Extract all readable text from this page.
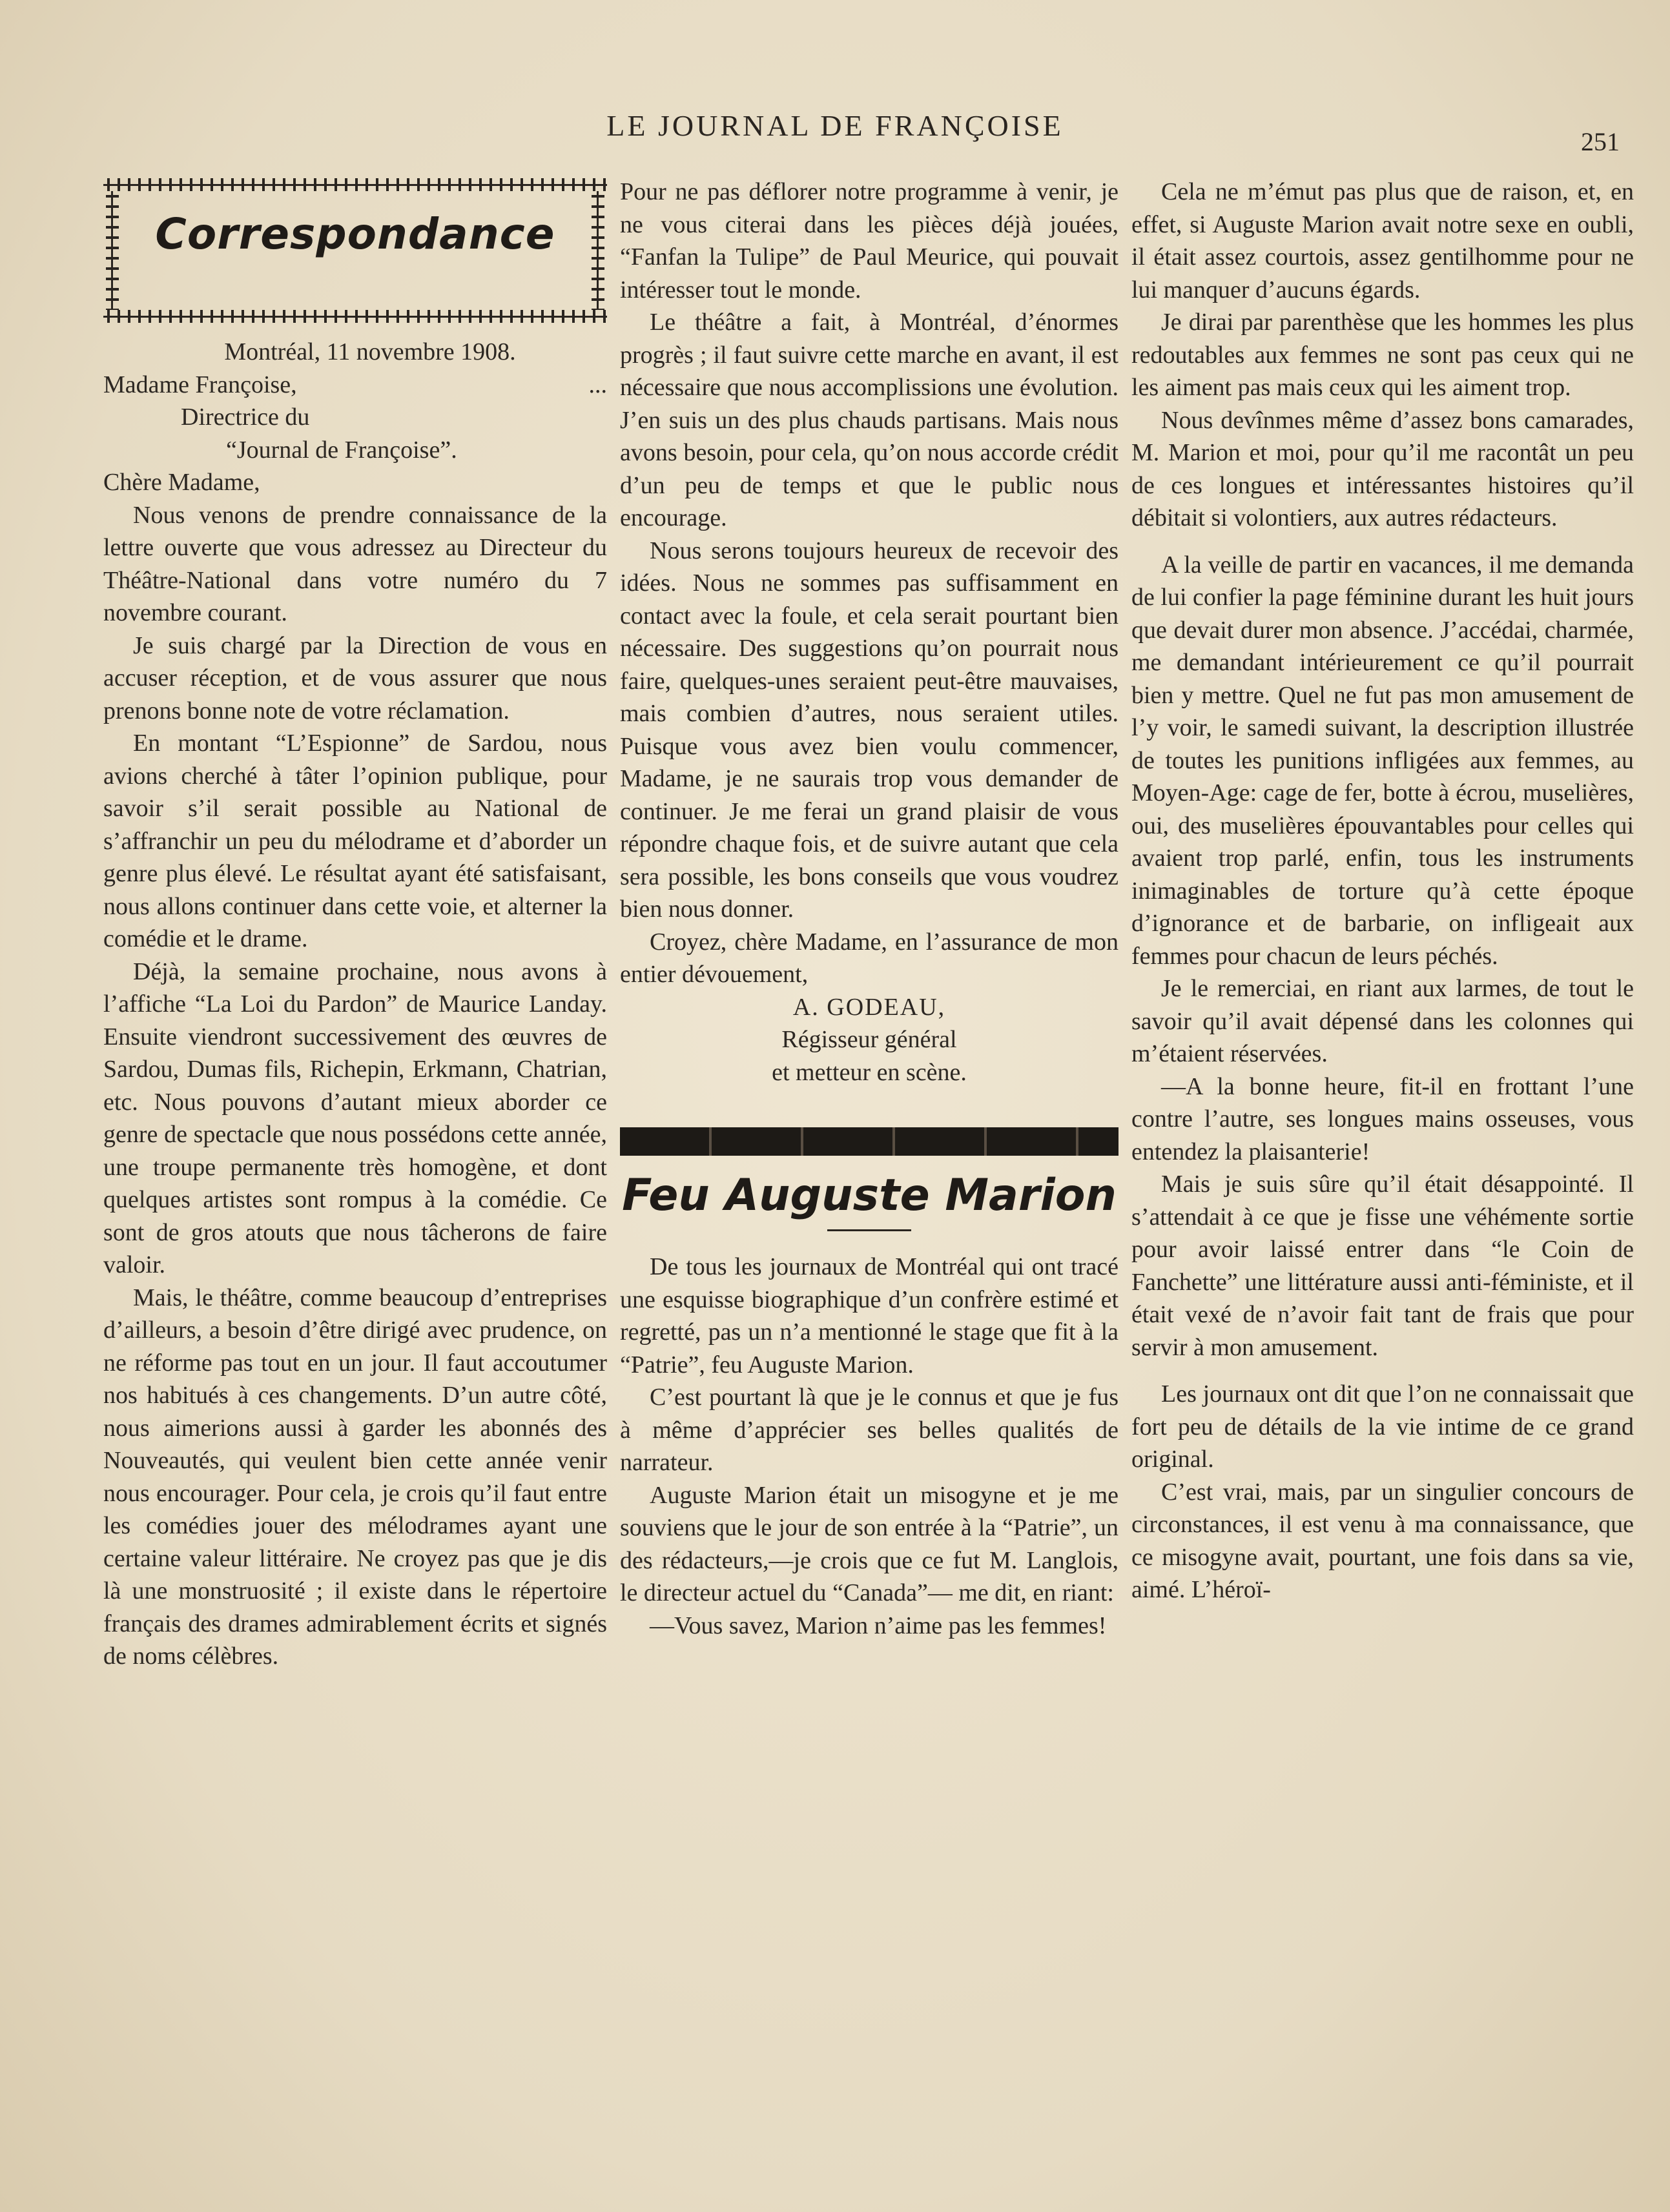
LE JOURNAL DE FRANÇOISE	251
Correspondance

Montréal, 11 novembre 1908.

Madame Françoise,	...

Directrice du

“Journal de Françoise”.

Chère Madame,

Nous venons de prendre connaissance de la lettre ouverte que vous adressez au Directeur du Théâtre-National dans votre numéro du 7 novembre courant.

Je suis chargé par la Direction de vous en accuser réception, et de vous assurer que nous prenons bonne note de votre réclamation.

En montant “L’Espionne” de Sardou, nous avions cherché à tâter l’opinion publique, pour savoir s’il serait possible au National de s’affranchir un peu du mélodrame et d’aborder un genre plus élevé. Le résultat ayant été satisfaisant, nous allons continuer dans cette voie, et alterner la comédie et le drame.

Déjà, la semaine prochaine, nous avons à l’affiche “La Loi du Pardon” de Maurice Landay. Ensuite viendront successivement des œuvres de Sardou, Dumas fils, Richepin, Erkmann, Chatrian, etc. Nous pouvons d’autant mieux aborder ce genre de spectacle que nous possédons cette année, une troupe permanente très homogène, et dont quelques artistes sont rompus à la comédie. Ce sont de gros atouts que nous tâcherons de faire valoir.

Mais, le théâtre, comme beaucoup d’entreprises d’ailleurs, a besoin d’être dirigé avec prudence, on ne réforme pas tout en un jour. Il faut accoutumer nos habitués à ces changements. D’un autre côté, nous aimerions aussi à garder les abonnés des Nouveautés, qui veulent bien cette année venir nous encourager. Pour cela, je crois qu’il faut entre les comédies jouer des mélodrames ayant une certaine valeur littéraire. Ne croyez pas que je dis là une monstruosité ; il existe dans le répertoire français des drames admirablement écrits et signés de noms célèbres.

Pour ne pas déflorer notre programme à venir, je ne vous citerai dans les pièces déjà jouées, “Fanfan la Tulipe” de Paul Meurice, qui pouvait intéresser tout le monde.

Le théâtre a fait, à Montréal, d’énormes progrès ; il faut suivre cette marche en avant, il est nécessaire que nous accomplissions une évolution. J’en suis un des plus chauds partisans. Mais nous avons besoin, pour cela, qu’on nous accorde crédit d’un peu de temps et que le public nous encourage.

Nous serons toujours heureux de recevoir des idées. Nous ne sommes pas suffisamment en contact avec la foule, et cela serait pourtant bien nécessaire. Des suggestions qu’on pourrait nous faire, quelques-unes seraient peut-être mauvaises, mais combien d’autres, nous seraient utiles. Puisque vous avez bien voulu commencer, Madame, je ne saurais trop vous demander de continuer. Je me ferai un grand plaisir de vous répondre chaque fois, et de suivre autant que cela sera possible, les bons conseils que vous voudrez bien nous donner.

Croyez, chère Madame, en l’assurance de mon entier dévouement,

A. GODEAU,

Régisseur général

et metteur en scène.

Feu Auguste Marion

De tous les journaux de Montréal qui ont tracé une esquisse biographique d’un confrère estimé et regretté, pas un n’a mentionné le stage que fit à la “Patrie”, feu Auguste Marion.

C’est pourtant là que je le connus et que je fus à même d’apprécier ses belles qualités de narrateur.

Auguste Marion était un misogyne et je me souviens que le jour de son entrée à la “Patrie”, un des rédacteurs,—je crois que ce fut M. Langlois, le directeur actuel du “Canada”— me dit, en riant:

—Vous savez, Marion n’aime pas les femmes!

Cela ne m’émut pas plus que de raison, et, en effet, si Auguste Marion avait notre sexe en oubli, il était assez courtois, assez gentilhomme pour ne lui manquer d’aucuns égards.

Je dirai par parenthèse que les hommes les plus redoutables aux femmes ne sont pas ceux qui ne les aiment pas mais ceux qui les aiment trop.

Nous devînmes même d’assez bons camarades, M. Marion et moi, pour qu’il me racontât un peu de ces longues et intéressantes histoires qu’il débitait si volontiers, aux autres rédacteurs.

A la veille de partir en vacances, il me demanda de lui confier la page féminine durant les huit jours que devait durer mon absence. J’accédai, charmée, me demandant intérieurement ce qu’il pourrait bien y mettre. Quel ne fut pas mon amusement de l’y voir, le samedi suivant, la description illustrée de toutes les punitions infligées aux femmes, au Moyen-Age: cage de fer, botte à écrou, muselières, oui, des muselières épouvantables pour celles qui avaient trop parlé, enfin, tous les instruments inimaginables de torture qu’à cette époque d’ignorance et de barbarie, on infligeait aux femmes pour chacun de leurs péchés.

Je le remerciai, en riant aux larmes, de tout le savoir qu’il avait dépensé dans les colonnes qui m’étaient réservées.

—A la bonne heure, fit-il en frottant l’une contre l’autre, ses longues mains osseuses, vous entendez la plaisanterie!

Mais je suis sûre qu’il était désappointé. Il s’attendait à ce que je fisse une véhémente sortie pour avoir laissé entrer dans “le Coin de Fanchette” une littérature aussi anti-féministe, et il était vexé de n’avoir fait tant de frais que pour servir à mon amusement.

Les journaux ont dit que l’on ne connaissait que fort peu de détails de la vie intime de ce grand original.

C’est vrai, mais, par un singulier concours de circonstances, il est venu à ma connaissance, que ce misogyne avait, pourtant, une fois dans sa vie, aimé. L’héroï-
